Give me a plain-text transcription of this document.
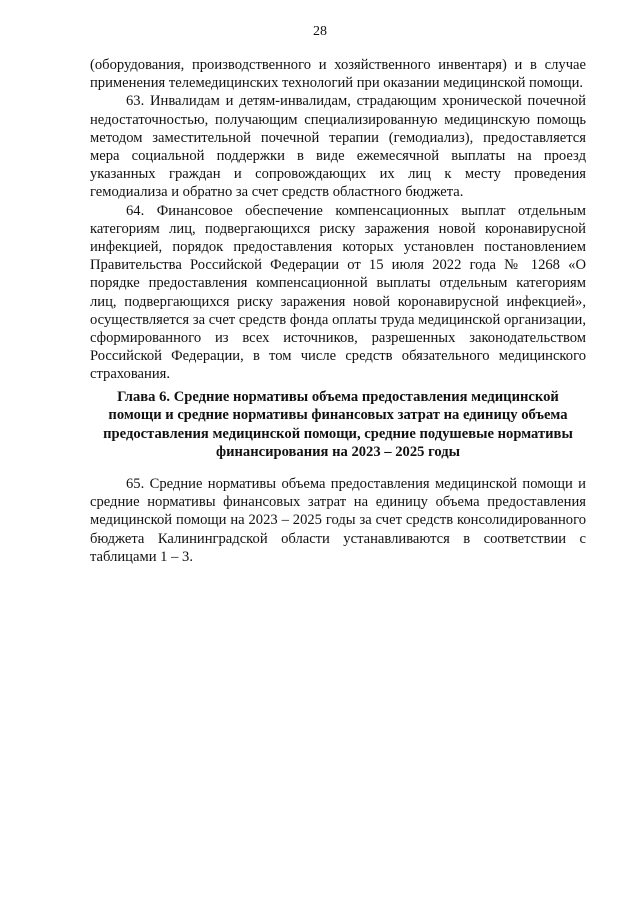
28

(оборудования, производственного и хозяйственного инвентаря) и в случае применения телемедицинских технологий при оказании медицинской помощи.

63. Инвалидам и детям-инвалидам, страдающим хронической почечной недостаточностью, получающим специализированную медицинскую помощь методом заместительной почечной терапии (гемодиализ), предоставляется мера социальной поддержки в виде ежемесячной выплаты на проезд указанных граждан и сопровождающих их лиц к месту проведения гемодиализа и обратно за счет средств областного бюджета.

64. Финансовое обеспечение компенсационных выплат отдельным категориям лиц, подвергающихся риску заражения новой коронавирусной инфекцией, порядок предоставления которых установлен постановлением Правительства Российской Федерации от 15 июля 2022 года № 1268 «О порядке предоставления компенсационной выплаты отдельным категориям лиц, подвергающихся риску заражения новой коронавирусной инфекцией», осуществляется за счет средств фонда оплаты труда медицинской организации, сформированного из всех источников, разрешенных законодательством Российской Федерации, в том числе средств обязательного медицинского страхования.

Глава 6. Средние нормативы объема предоставления медицинской
помощи и средние нормативы финансовых затрат на единицу объема
предоставления медицинской помощи, средние подушевые нормативы
финансирования на 2023 – 2025 годы

65. Средние нормативы объема предоставления медицинской помощи и средние нормативы финансовых затрат на единицу объема предоставления медицинской помощи на 2023 – 2025 годы за счет средств консолидированного бюджета Калининградской области устанавливаются в соответствии с таблицами 1 – 3.
